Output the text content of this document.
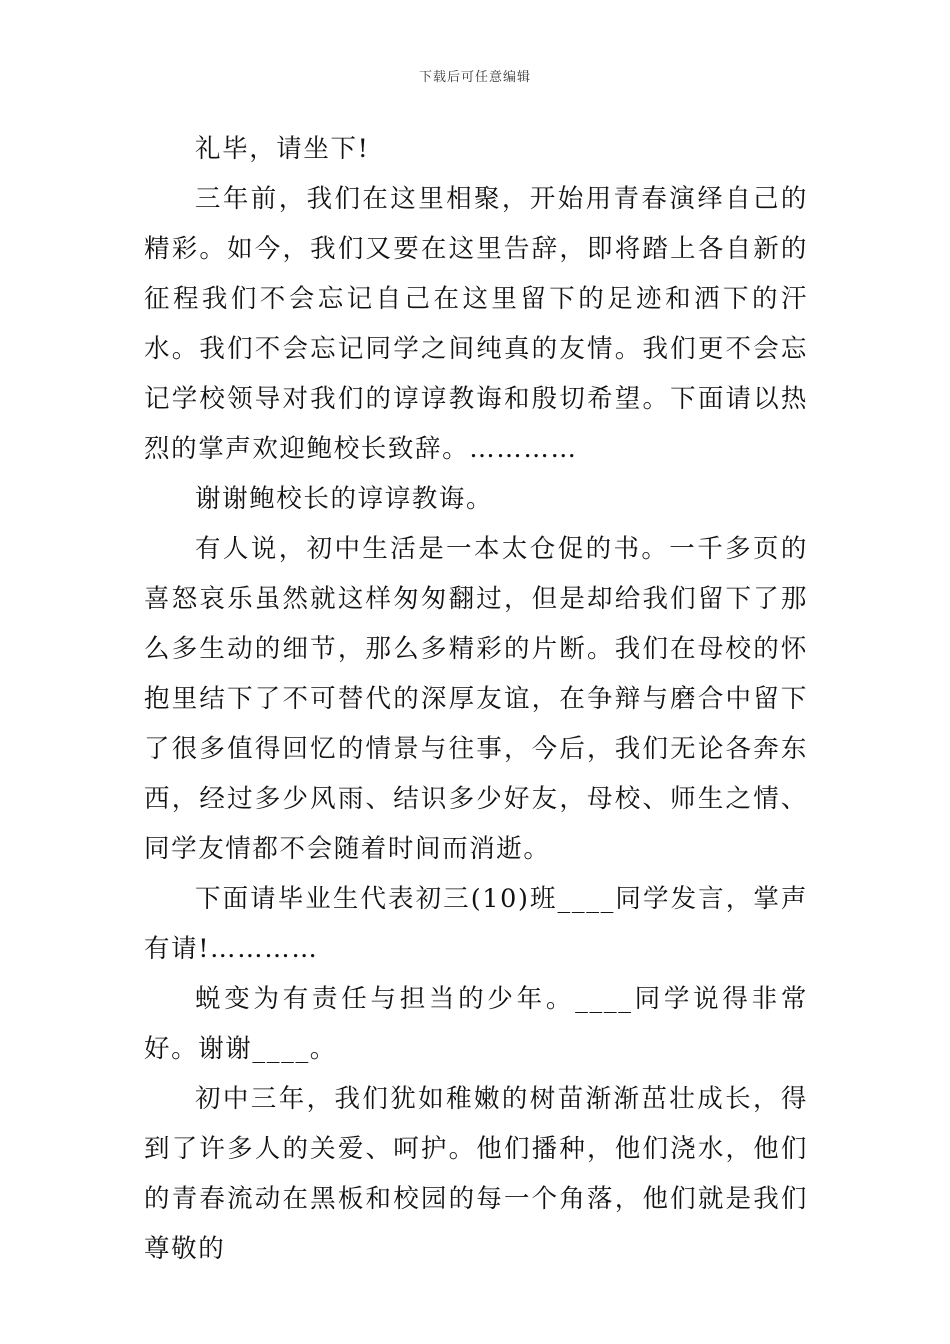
下载后可任意编辑

礼毕，请坐下!

三年前，我们在这里相聚，开始用青春演绎自己的精彩。如今，我们又要在这里告辞，即将踏上各自新的征程我们不会忘记自己在这里留下的足迹和洒下的汗水。我们不会忘记同学之间纯真的友情。我们更不会忘记学校领导对我们的谆谆教诲和殷切希望。下面请以热烈的掌声欢迎鲍校长致辞。…………

谢谢鲍校长的谆谆教诲。

有人说，初中生活是一本太仓促的书。一千多页的喜怒哀乐虽然就这样匆匆翻过，但是却给我们留下了那么多生动的细节，那么多精彩的片断。我们在母校的怀抱里结下了不可替代的深厚友谊，在争辩与磨合中留下了很多值得回忆的情景与往事，今后，我们无论各奔东西，经过多少风雨、结识多少好友，母校、师生之情、同学友情都不会随着时间而消逝。

下面请毕业生代表初三(10)班____同学发言，掌声有请!…………

蜕变为有责任与担当的少年。____同学说得非常好。谢谢____。

初中三年，我们犹如稚嫩的树苗渐渐茁壮成长，得到了许多人的关爱、呵护。他们播种，他们浇水，他们的青春流动在黑板和校园的每一个角落，他们就是我们尊敬的
